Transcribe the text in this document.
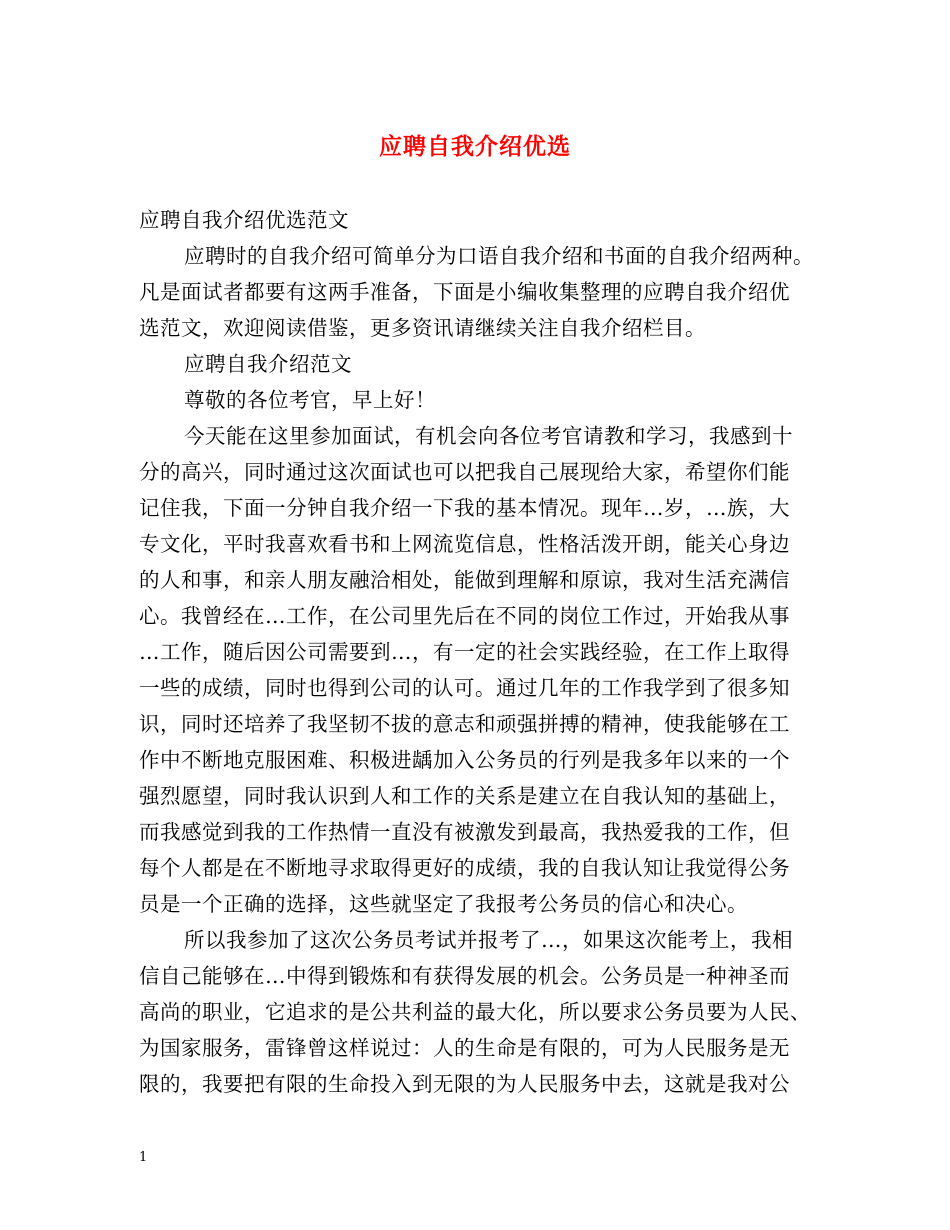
应聘自我介绍优选
应聘自我介绍优选范文
应聘时的自我介绍可简单分为口语自我介绍和书面的自我介绍两种。
凡是面试者都要有这两手准备，下面是小编收集整理的应聘自我介绍优
选范文，欢迎阅读借鉴，更多资讯请继续关注自我介绍栏目。
应聘自我介绍范文
尊敬的各位考官，早上好！
今天能在这里参加面试，有机会向各位考官请教和学习，我感到十
分的高兴，同时通过这次面试也可以把我自己展现给大家，希望你们能
记住我，下面一分钟自我介绍一下我的基本情况。现年…岁，…族，大
专文化，平时我喜欢看书和上网流览信息，性格活泼开朗，能关心身边
的人和事，和亲人朋友融洽相处，能做到理解和原谅，我对生活充满信
心。我曾经在…工作，在公司里先后在不同的岗位工作过，开始我从事
…工作，随后因公司需要到…，有一定的社会实践经验，在工作上取得
一些的成绩，同时也得到公司的认可。通过几年的工作我学到了很多知
识，同时还培养了我坚韧不拔的意志和顽强拼搏的精神，使我能够在工
作中不断地克服困难、积极进龋加入公务员的行列是我多年以来的一个
强烈愿望，同时我认识到人和工作的关系是建立在自我认知的基础上，
而我感觉到我的工作热情一直没有被激发到最高，我热爱我的工作，但
每个人都是在不断地寻求取得更好的成绩，我的自我认知让我觉得公务
员是一个正确的选择，这些就坚定了我报考公务员的信心和决心。
所以我参加了这次公务员考试并报考了…，如果这次能考上，我相
信自己能够在…中得到锻炼和有获得发展的机会。公务员是一种神圣而
高尚的职业，它追求的是公共利益的最大化，所以要求公务员要为人民、
为国家服务，雷锋曾这样说过：人的生命是有限的，可为人民服务是无
限的，我要把有限的生命投入到无限的为人民服务中去，这就是我对公
1
